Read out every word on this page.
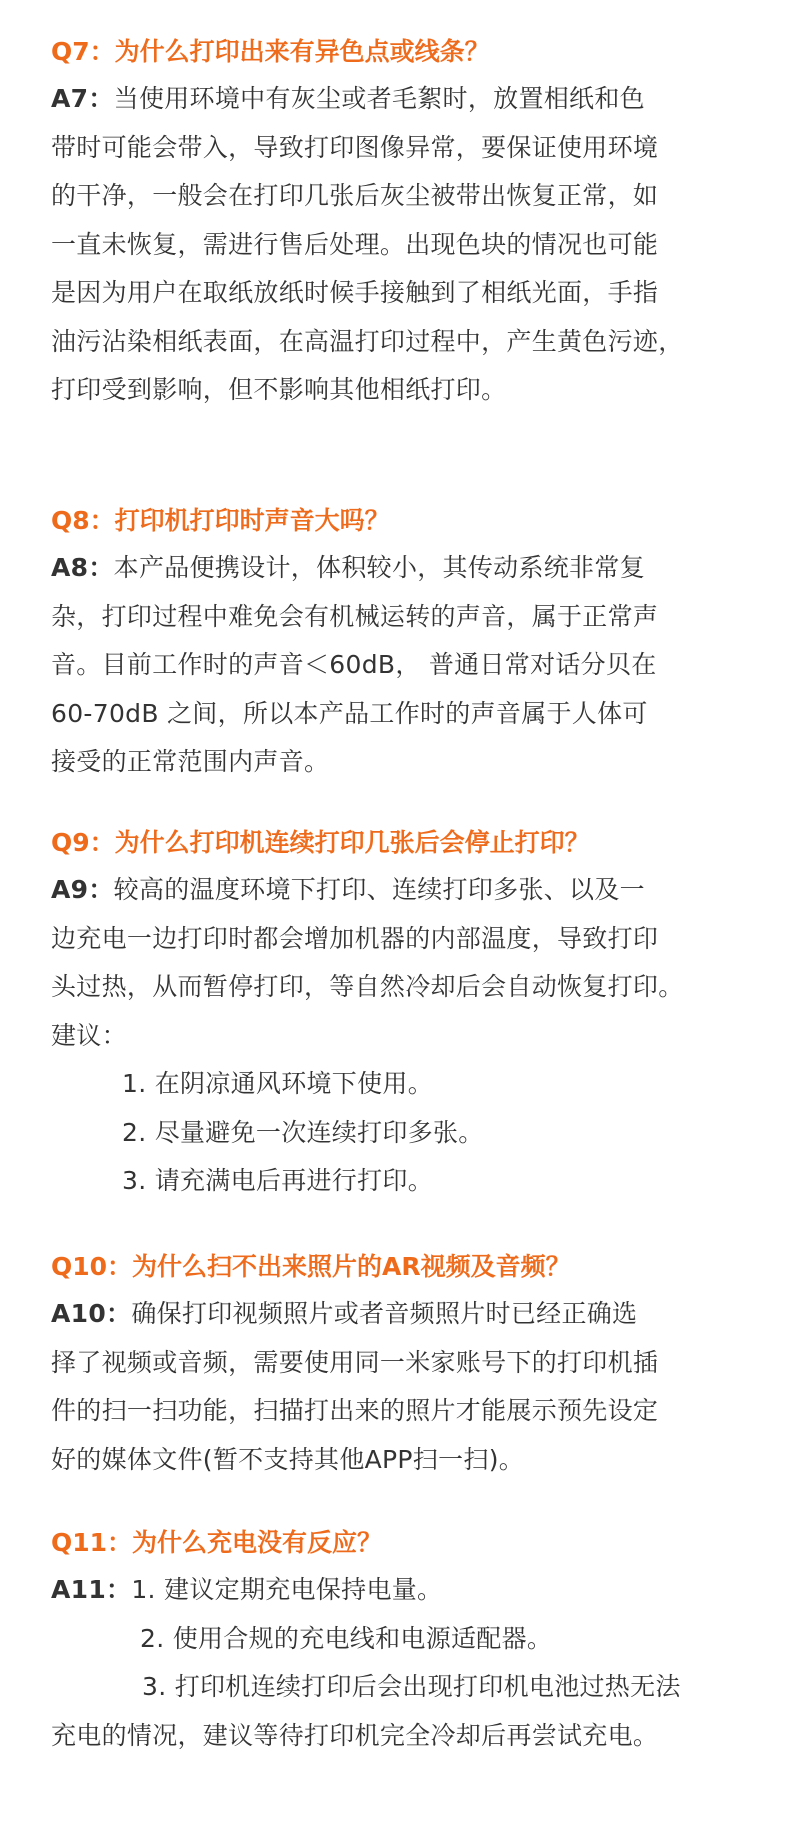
Q7：为什么打印出来有异色点或线条？
A7：当使用环境中有灰尘或者毛絮时，放置相纸和色
带时可能会带入，导致打印图像异常，要保证使用环境
的干净，一般会在打印几张后灰尘被带出恢复正常，如
一直未恢复，需进行售后处理。出现色块的情况也可能
是因为用户在取纸放纸时候手接触到了相纸光面，手指
油污沾染相纸表面，在高温打印过程中，产生黄色污迹，
打印受到影响，但不影响其他相纸打印。
Q8：打印机打印时声音大吗？
A8：本产品便携设计，体积较小，其传动系统非常复
杂，打印过程中难免会有机械运转的声音，属于正常声
音。目前工作时的声音＜60dB， 普通日常对话分贝在
60-70dB 之间，所以本产品工作时的声音属于人体可
接受的正常范围内声音。
Q9：为什么打印机连续打印几张后会停止打印？
A9：较高的温度环境下打印、连续打印多张、以及一
边充电一边打印时都会增加机器的内部温度，导致打印
头过热，从而暂停打印，等自然冷却后会自动恢复打印。
建议：
1. 在阴凉通风环境下使用。
2. 尽量避免一次连续打印多张。
3. 请充满电后再进行打印。
Q10：为什么扫不出来照片的AR视频及音频？
A10：确保打印视频照片或者音频照片时已经正确选
择了视频或音频，需要使用同一米家账号下的打印机插
件的扫一扫功能，扫描打出来的照片才能展示预先设定
好的媒体文件(暂不支持其他APP扫一扫)。
Q11：为什么充电没有反应？
A11：1. 建议定期充电保持电量。
2. 使用合规的充电线和电源适配器。
3. 打印机连续打印后会出现打印机电池过热无法
充电的情况，建议等待打印机完全冷却后再尝试充电。
